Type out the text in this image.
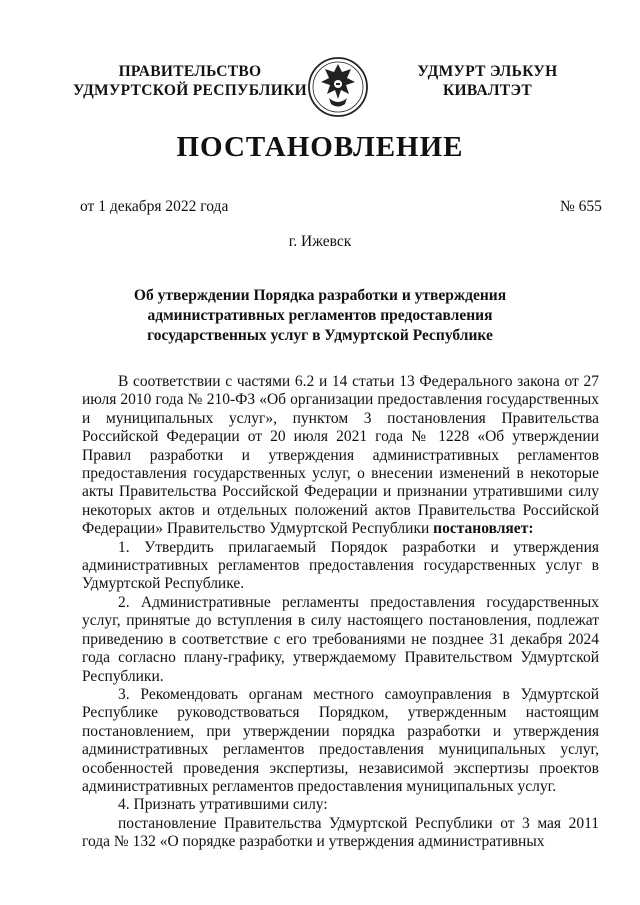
ПРАВИТЕЛЬСТВО
УДМУРТСКОЙ РЕСПУБЛИКИ
УДМУРТ ЭЛЬКУН
КИВАЛТЭТ
ПОСТАНОВЛЕНИЕ
от 1 декабря 2022 года	№ 655
г. Ижевск
Об утверждении Порядка разработки и утверждения
административных регламентов предоставления
государственных услуг в Удмуртской Республике

В соответствии с частями 6.2 и 14 статьи 13 Федерального закона от 27 июля 2010 года № 210-ФЗ «Об организации предоставления государственных и муниципальных услуг», пунктом 3 постановления Правительства Российской Федерации от 20 июля 2021 года № 1228 «Об утверждении Правил разработки и утверждения административных регламентов предоставления государственных услуг, о внесении изменений в некоторые акты Правительства Российской Федерации и признании утратившими силу некоторых актов и отдельных положений актов Правительства Российской Федерации» Правительство Удмуртской Республики постановляет:

1. Утвердить прилагаемый Порядок разработки и утверждения административных регламентов предоставления государственных услуг в Удмуртской Республике.

2. Административные регламенты предоставления государственных услуг, принятые до вступления в силу настоящего постановления, подлежат приведению в соответствие с его требованиями не позднее 31 декабря 2024 года согласно плану-графику, утверждаемому Правительством Удмуртской Республики.

3. Рекомендовать органам местного самоуправления в Удмуртской Республике руководствоваться Порядком, утвержденным настоящим постановлением, при утверждении порядка разработки и утверждения административных регламентов предоставления муниципальных услуг, особенностей проведения экспертизы, независимой экспертизы проектов административных регламентов предоставления муниципальных услуг.

4. Признать утратившими силу:

постановление Правительства Удмуртской Республики от 3 мая 2011 года № 132 «О порядке разработки и утверждения административных
